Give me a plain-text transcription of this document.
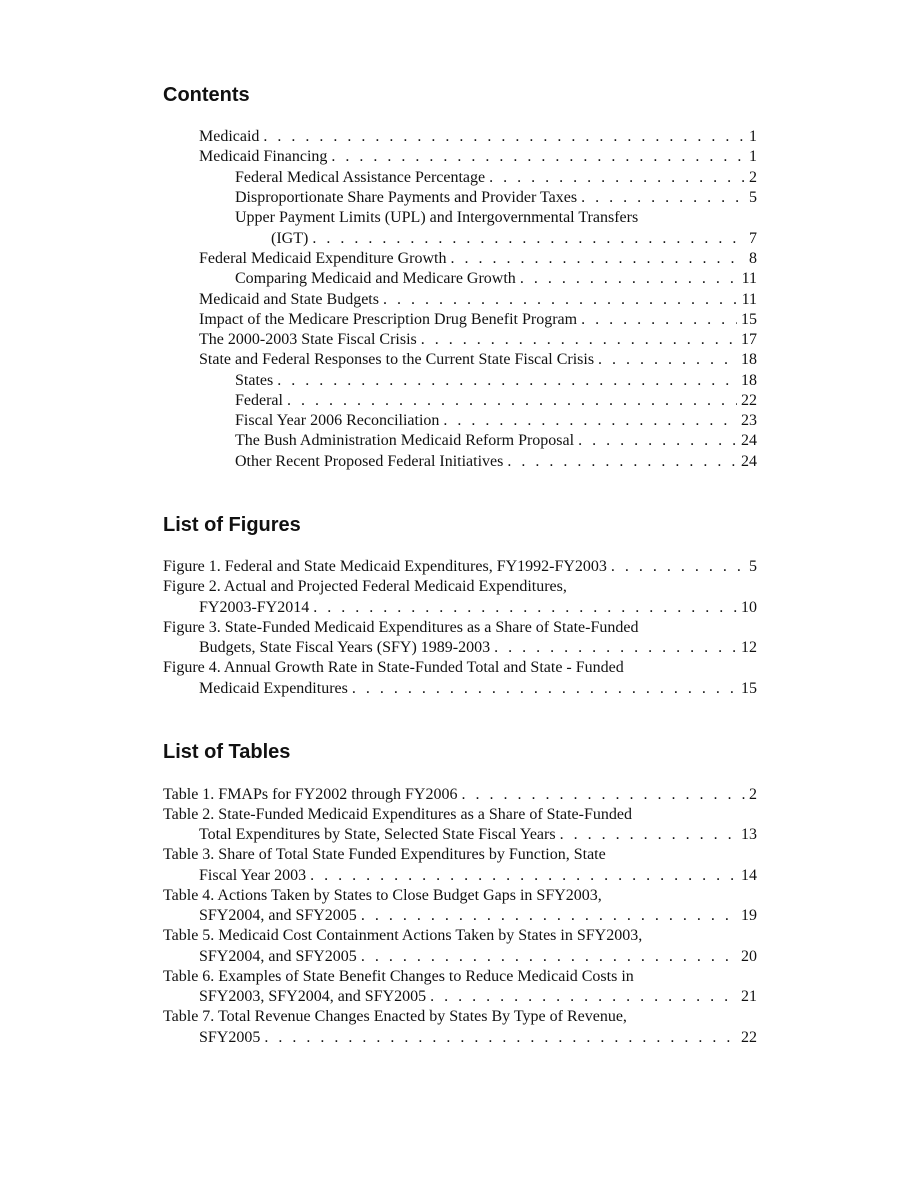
Contents
Medicaid . . .	1
Medicaid Financing . . .	1
Federal Medical Assistance Percentage . . .	2
Disproportionate Share Payments and Provider Taxes . . .	5
Upper Payment Limits (UPL) and Intergovernmental Transfers
(IGT) . . .	7
Federal Medicaid Expenditure Growth . . .	8
Comparing Medicaid and Medicare Growth . . .	11
Medicaid and State Budgets . . .	11
Impact of the Medicare Prescription Drug Benefit Program . . .	15
The 2000-2003 State Fiscal Crisis . . .	17
State and Federal Responses to the Current State Fiscal Crisis . . .	18
States . . .	18
Federal . . .	22
Fiscal Year 2006 Reconciliation . . .	23
The Bush Administration Medicaid Reform Proposal . . .	24
Other Recent Proposed Federal Initiatives . . .	24
List of Figures
Figure 1. Federal and State Medicaid Expenditures, FY1992-FY2003 . . .	5
Figure 2. Actual and Projected Federal Medicaid Expenditures,
FY2003-FY2014 . . .	10
Figure 3. State-Funded Medicaid Expenditures as a Share of State-Funded
Budgets, State Fiscal Years (SFY) 1989-2003 . . .	12
Figure 4. Annual Growth Rate in State-Funded Total and State - Funded
Medicaid Expenditures . . .	15
List of Tables
Table 1. FMAPs for FY2002 through FY2006 . . .	2
Table 2. State-Funded Medicaid Expenditures as a Share of State-Funded
Total Expenditures by State, Selected State Fiscal Years . . .	13
Table 3. Share of Total State Funded Expenditures by Function, State
Fiscal Year 2003 . . .	14
Table 4. Actions Taken by States to Close Budget Gaps in SFY2003,
SFY2004, and SFY2005 . . .	19
Table 5. Medicaid Cost Containment Actions Taken by States in SFY2003,
SFY2004, and SFY2005 . . .	20
Table 6. Examples of State Benefit Changes to Reduce Medicaid Costs in
SFY2003, SFY2004, and SFY2005 . . .	21
Table 7. Total Revenue Changes Enacted by States By Type of Revenue,
SFY2005 . . .	22
